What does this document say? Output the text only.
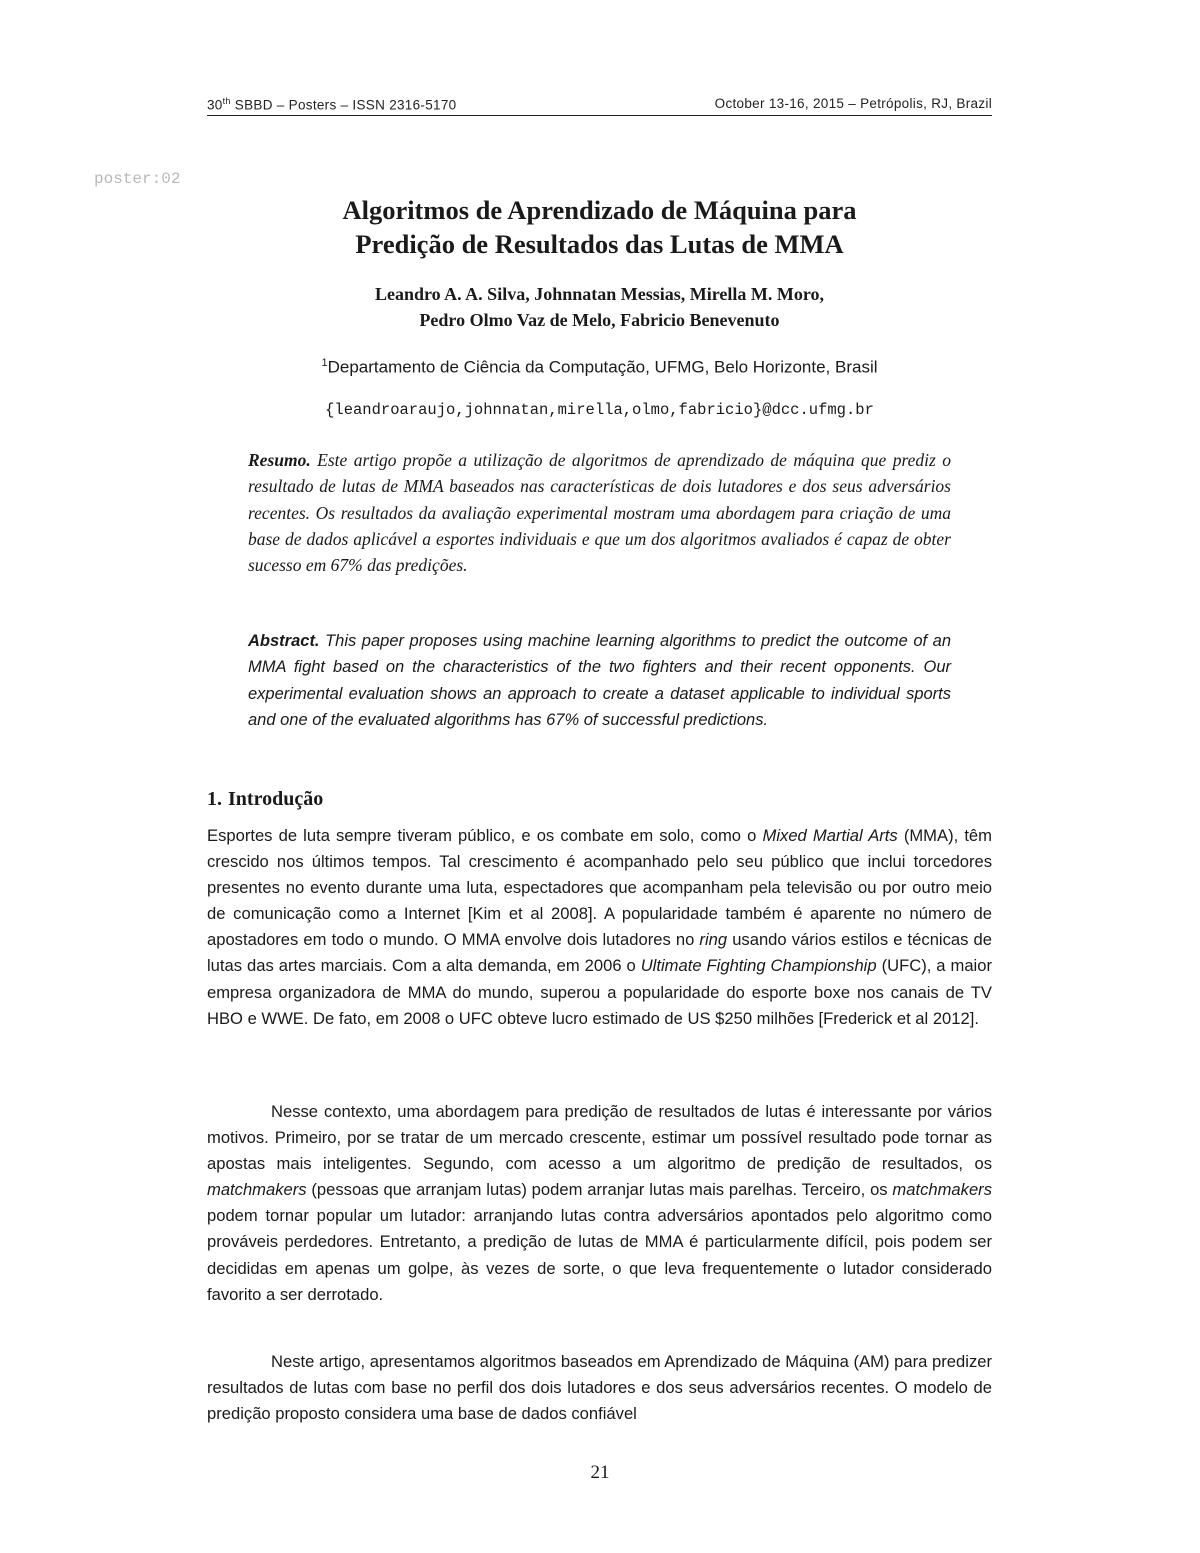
30th SBBD – Posters – ISSN 2316-5170	October 13-16, 2015 – Petrópolis, RJ, Brazil
poster:02
Algoritmos de Aprendizado de Máquina para
Predição de Resultados das Lutas de MMA
Leandro A. A. Silva, Johnnatan Messias, Mirella M. Moro,
Pedro Olmo Vaz de Melo, Fabricio Benevenuto
$^1$Departamento de Ciência da Computação, UFMG, Belo Horizonte, Brasil
{leandroaraujo,johnnatan,mirella,olmo,fabricio}@dcc.ufmg.br
Resumo. Este artigo propõe a utilização de algoritmos de aprendizado de máquina que prediz o resultado de lutas de MMA baseados nas características de dois lutadores e dos seus adversários recentes. Os resultados da avaliação experimental mostram uma abordagem para criação de uma base de dados aplicável a esportes individuais e que um dos algoritmos avaliados é capaz de obter sucesso em 67% das predições.
Abstract. This paper proposes using machine learning algorithms to predict the outcome of an MMA fight based on the characteristics of the two fighters and their recent opponents. Our experimental evaluation shows an approach to create a dataset applicable to individual sports and one of the evaluated algorithms has 67% of successful predictions.
1. Introdução
Esportes de luta sempre tiveram público, e os combate em solo, como o Mixed Martial Arts (MMA), têm crescido nos últimos tempos. Tal crescimento é acompanhado pelo seu público que inclui torcedores presentes no evento durante uma luta, espectadores que acompanham pela televisão ou por outro meio de comunicação como a Internet [Kim et al 2008]. A popularidade também é aparente no número de apostadores em todo o mundo. O MMA envolve dois lutadores no ring usando vários estilos e técnicas de lutas das artes marciais. Com a alta demanda, em 2006 o Ultimate Fighting Championship (UFC), a maior empresa organizadora de MMA do mundo, superou a popularidade do esporte boxe nos canais de TV HBO e WWE. De fato, em 2008 o UFC obteve lucro estimado de US $250 milhões [Frederick et al 2012].
Nesse contexto, uma abordagem para predição de resultados de lutas é interessante por vários motivos. Primeiro, por se tratar de um mercado crescente, estimar um possível resultado pode tornar as apostas mais inteligentes. Segundo, com acesso a um algoritmo de predição de resultados, os matchmakers (pessoas que arranjam lutas) podem arranjar lutas mais parelhas. Terceiro, os matchmakers podem tornar popular um lutador: arranjando lutas contra adversários apontados pelo algoritmo como prováveis perdedores. Entretanto, a predição de lutas de MMA é particularmente difícil, pois podem ser decididas em apenas um golpe, às vezes de sorte, o que leva frequentemente o lutador considerado favorito a ser derrotado.
Neste artigo, apresentamos algoritmos baseados em Aprendizado de Máquina (AM) para predizer resultados de lutas com base no perfil dos dois lutadores e dos seus adversários recentes. O modelo de predição proposto considera uma base de dados confiável
21
